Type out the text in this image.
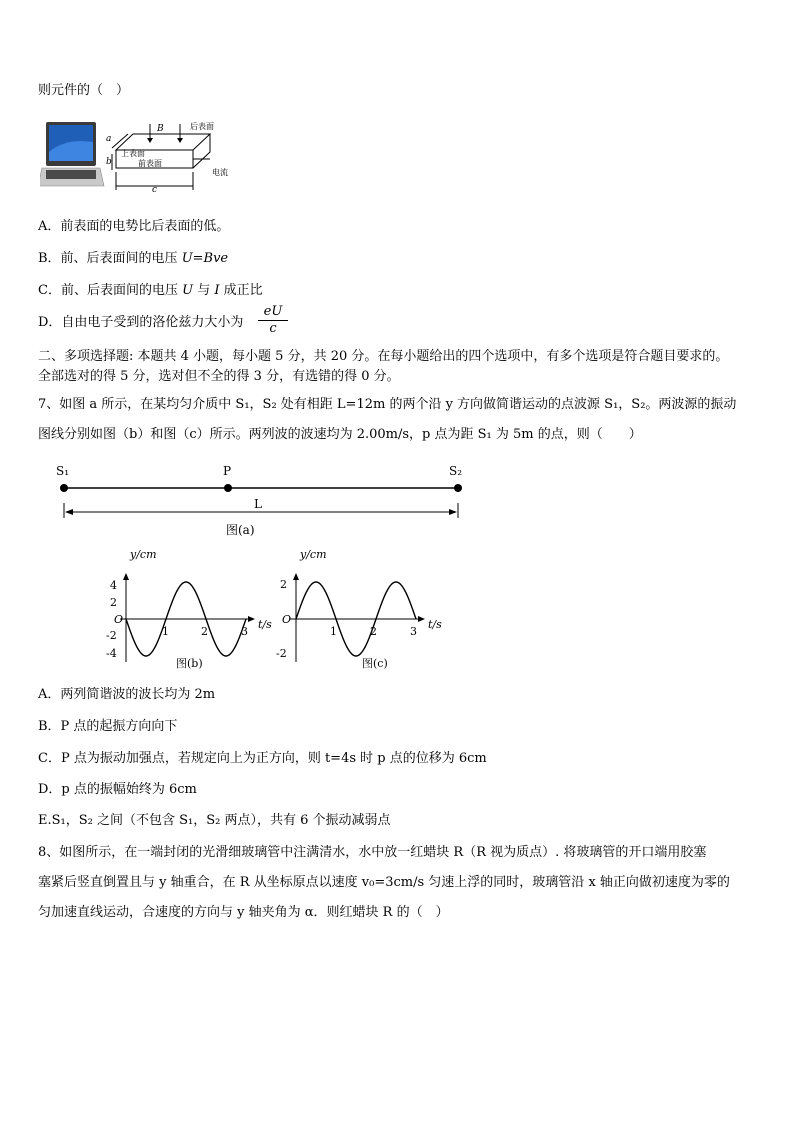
则元件的（　）
B	后表面
上表面
前表面
电流
a
b
c
A．前表面的电势比后表面的低。
B．前、后表面间的电压 U=Bve
C．前、后表面间的电压 U 与 I 成正比
D．自由电子受到的洛伦兹力大小为
eU
c
二、多项选择题: 本题共 4 小题，每小题 5 分，共 20 分。在每小题给出的四个选项中，有多个选项是符合题目要求的。
全部选对的得 5 分，选对但不全的得 3 分，有选错的得 0 分。
7、如图 a 所示，在某均匀介质中 S₁，S₂ 处有相距 L=12m 的两个沿 y 方向做简谐运动的点波源 S₁，S₂。两波源的振动
图线分别如图（b）和图（c）所示。两列波的波速均为 2.00m/s，p 点为距 S₁ 为 5m 的点，则（　　）
S₁	P	S₂
L
图(a)
y/cm
t/s
O
4
2
-2
-4
1	2	3
图(b)
y/cm
t/s
O
2
-2
1	2	3
图(c)
A．两列简谐波的波长均为 2m
B．P 点的起振方向向下
C．P 点为振动加强点，若规定向上为正方向，则 t=4s 时 p 点的位移为 6cm
D．p 点的振幅始终为 6cm
E.S₁，S₂ 之间（不包含 S₁，S₂ 两点），共有 6 个振动减弱点
8、如图所示，在一端封闭的光滑细玻璃管中注满清水，水中放一红蜡块 R（R 视为质点）. 将玻璃管的开口端用胶塞
塞紧后竖直倒置且与 y 轴重合，在 R 从坐标原点以速度 v₀=3cm/s 匀速上浮的同时，玻璃管沿 x 轴正向做初速度为零的
匀加速直线运动，合速度的方向与 y 轴夹角为 α．则红蜡块 R 的（　）
